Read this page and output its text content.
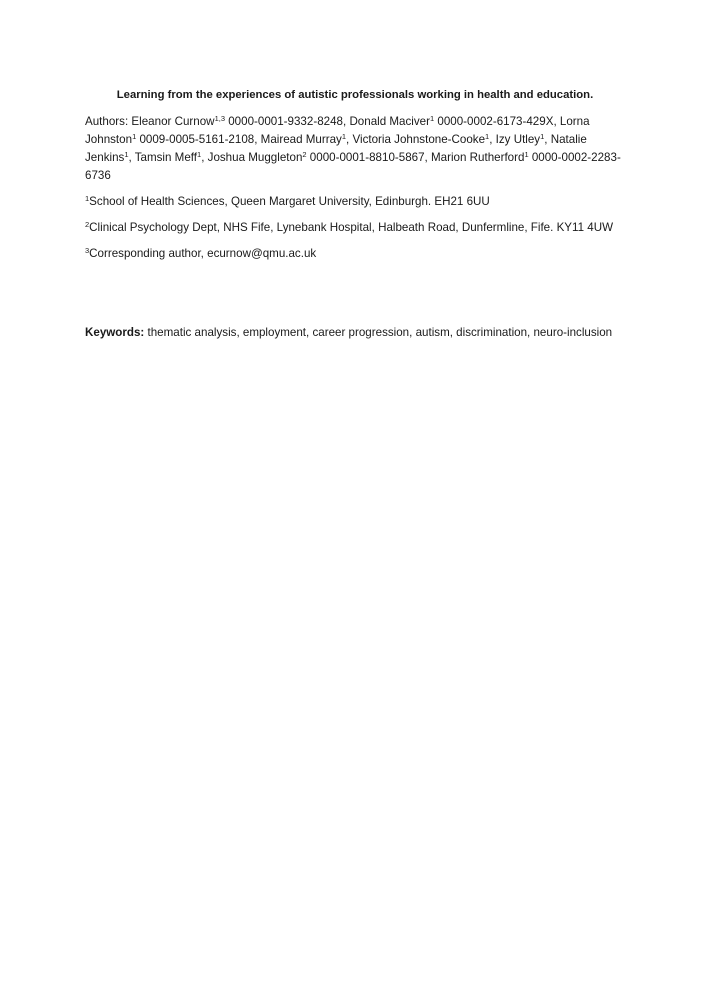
Learning from the experiences of autistic professionals working in health and education.
Authors: Eleanor Curnow$^{1,3}$ 0000-0001-9332-8248, Donald Maciver$^1$ 0000-0002-6173-429X, Lorna Johnston$^1$ 0009-0005-5161-2108, Mairead Murray$^1$, Victoria Johnstone-Cooke$^1$, Izy Utley$^1$, Natalie Jenkins$^1$, Tamsin Meff$^1$, Joshua Muggleton$^2$ 0000-0001-8810-5867, Marion Rutherford$^1$ 0000-0002-2283-6736
$^1$School of Health Sciences, Queen Margaret University, Edinburgh. EH21 6UU
$^2$Clinical Psychology Dept, NHS Fife, Lynebank Hospital, Halbeath Road, Dunfermline, Fife. KY11 4UW
$^3$Corresponding author, ecurnow@qmu.ac.uk
Keywords: thematic analysis, employment, career progression, autism, discrimination, neuro-inclusion
